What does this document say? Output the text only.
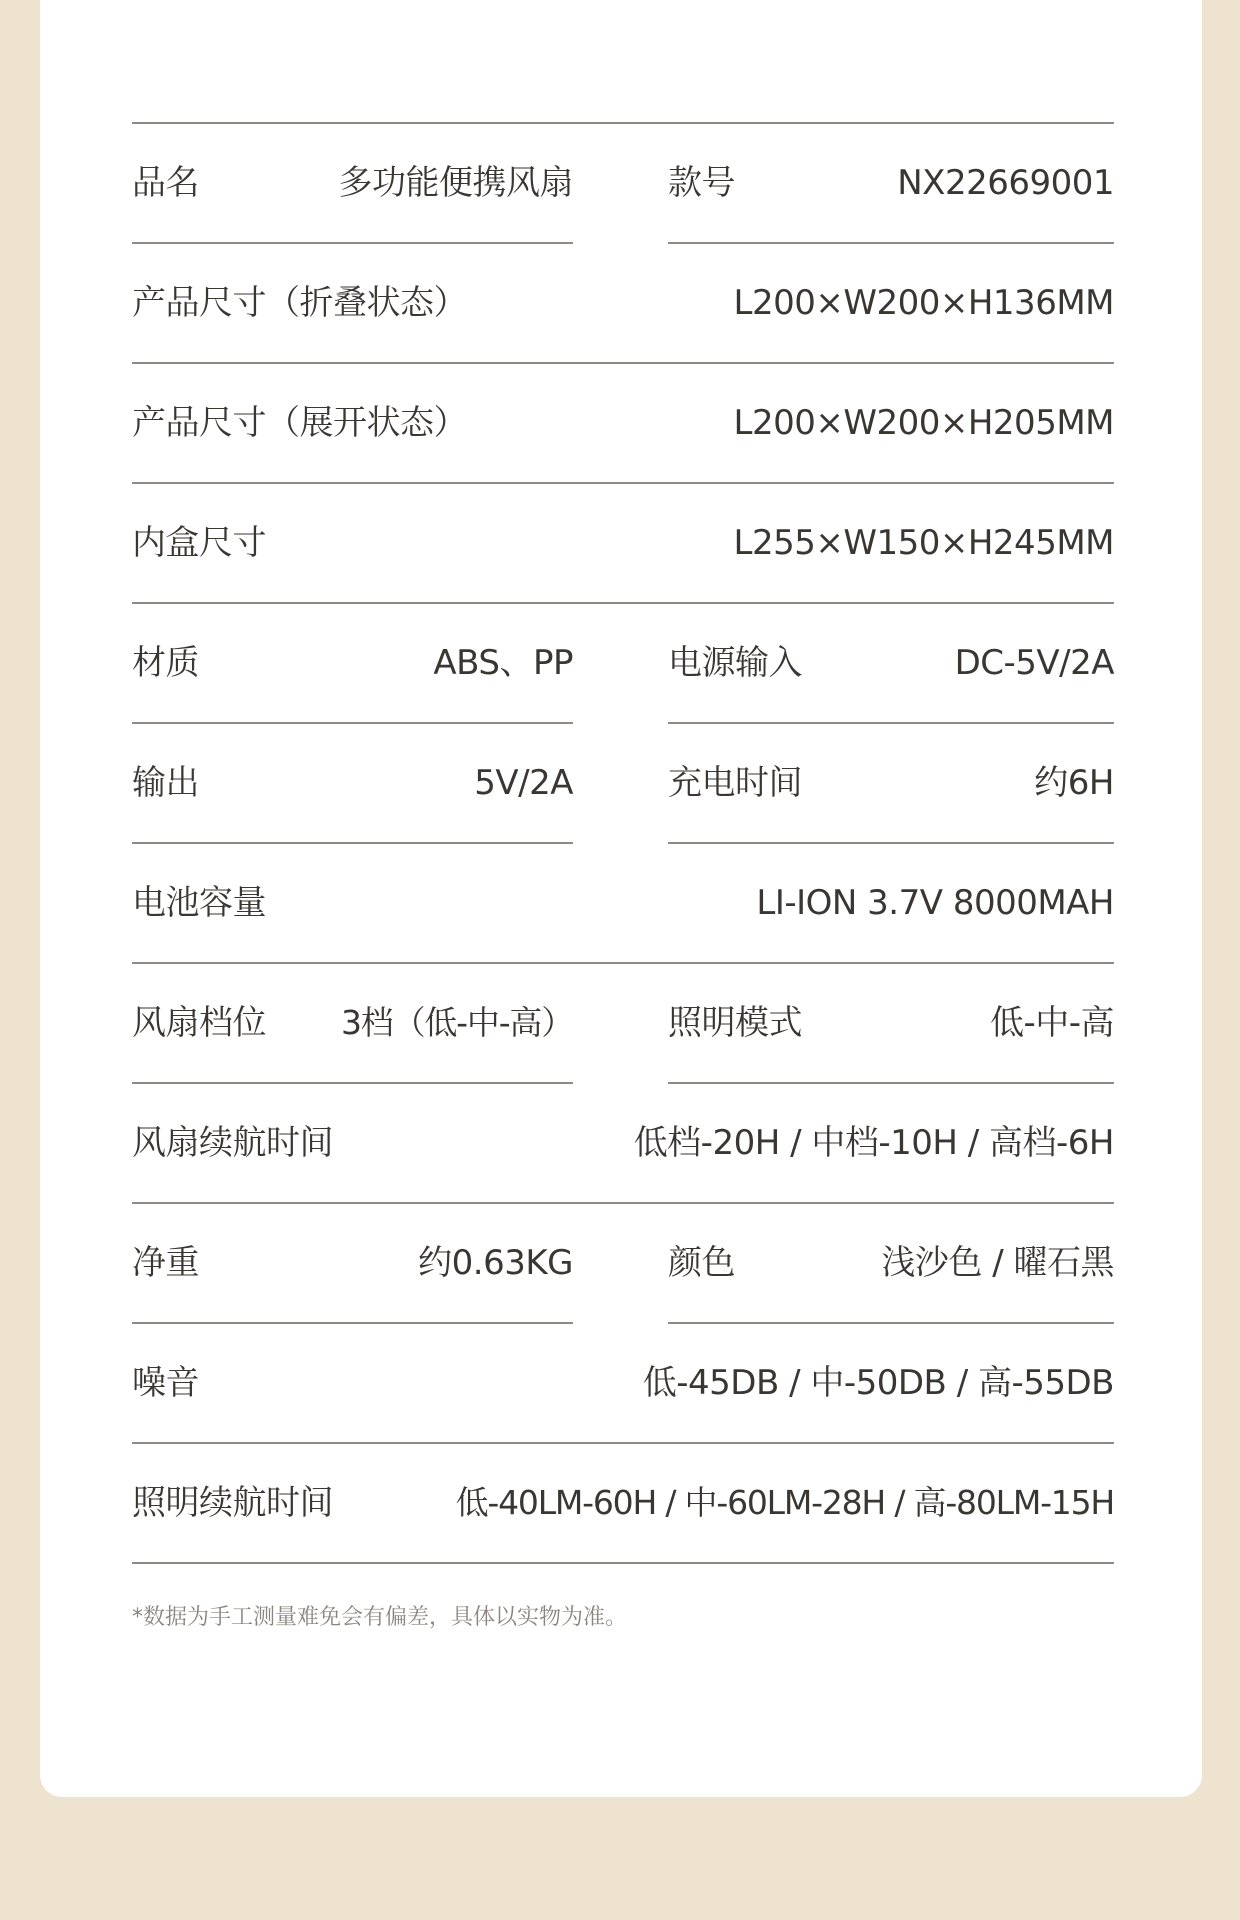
品名	多功能便携风扇	款号	NX22669001
产品尺寸（折叠状态）	L200×W200×H136MM
产品尺寸（展开状态）	L200×W200×H205MM
内盒尺寸	L255×W150×H245MM
材质	ABS、PP	电源输入	DC-5V/2A
输出	5V/2A	充电时间	约6H
电池容量	LI-ION 3.7V 8000MAH
风扇档位 3档（低-中-高）	照明模式	低-中-高
风扇续航时间	低档-20H / 中档-10H / 高档-6H
净重	约0.63KG	颜色	浅沙色 / 曜石黑
噪音	低-45DB / 中-50DB / 高-55DB
照明续航时间	低-40LM-60H / 中-60LM-28H / 高-80LM-15H
*数据为手工测量难免会有偏差，具体以实物为准。
